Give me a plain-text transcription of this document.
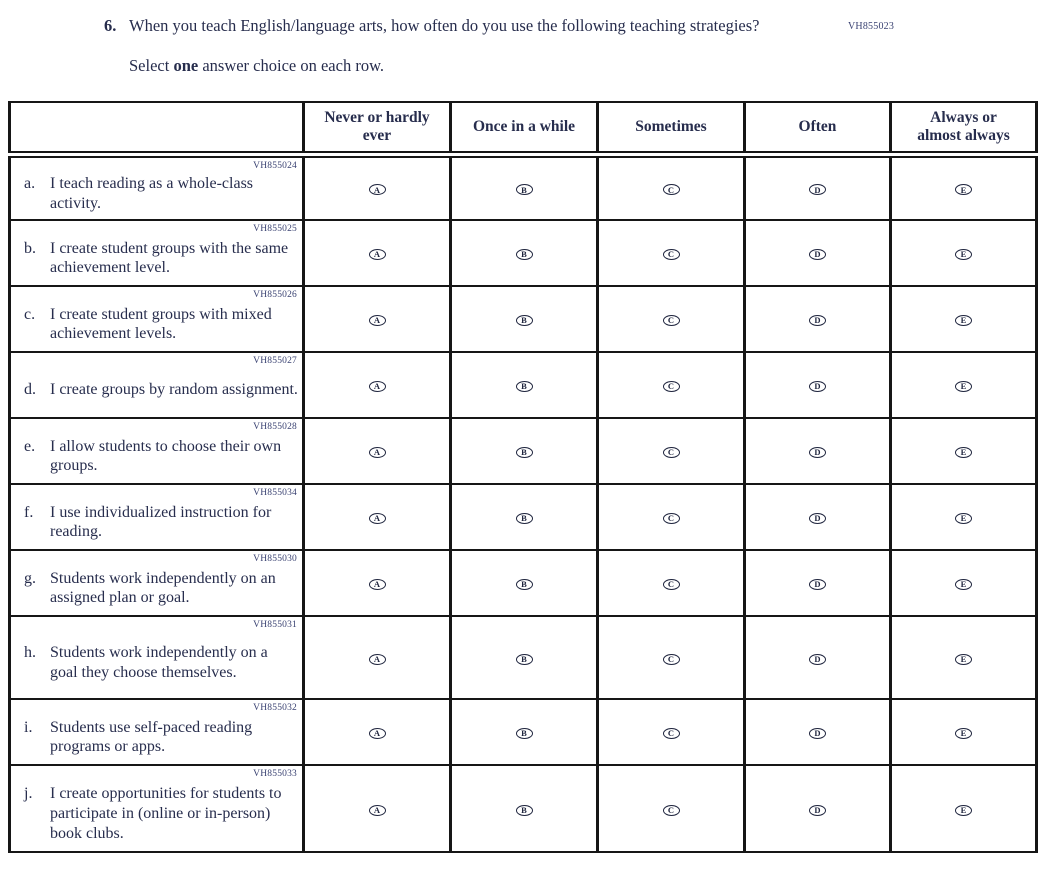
VH855023
6. When you teach English/language arts, how often do you use the following teaching strategies?

Select one answer choice on each row.

	Never or hardly ever	Once in a while	Sometimes	Often	Always or almost always

VH855024
a. I teach reading as a whole-class activity.	A	B	C	D	E

VH855025
b. I create student groups with the same achievement level.	A	B	C	D	E

VH855026
c. I create student groups with mixed achievement levels.	A	B	C	D	E

VH855027
d. I create groups by random assignment.	A	B	C	D	E

VH855028
e. I allow students to choose their own groups.	A	B	C	D	E

VH855034
f. I use individualized instruction for reading.	A	B	C	D	E

VH855030
g. Students work independently on an assigned plan or goal.	A	B	C	D	E

VH855031
h. Students work independently on a goal they choose themselves.	A	B	C	D	E

VH855032
i. Students use self-paced reading programs or apps.	A	B	C	D	E

VH855033
j. I create opportunities for students to participate in (online or in-person) book clubs.	A	B	C	D	E
